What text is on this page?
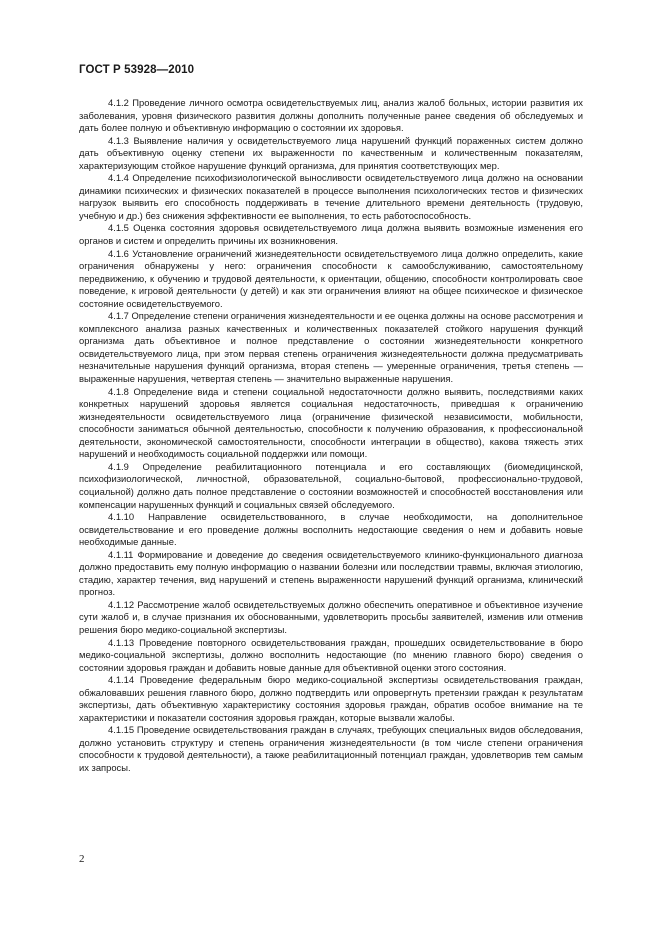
ГОСТ Р 53928—2010

4.1.2 Проведение личного осмотра освидетельствуемых лиц, анализ жалоб больных, истории развития их заболевания, уровня физического развития должны дополнить полученные ранее сведения об обследуемых и дать более полную и объективную информацию о состоянии их здоровья.

4.1.3 Выявление наличия у освидетельствуемого лица нарушений функций пораженных систем должно дать объективную оценку степени их выраженности по качественным и количественным показателям, характеризующим стойкое нарушение функций организма, для принятия соответствующих мер.

4.1.4 Определение психофизиологической выносливости освидетельствуемого лица должно на основании динамики психических и физических показателей в процессе выполнения психологических тестов и физических нагрузок выявить его способность поддерживать в течение длительного времени деятельность (трудовую, учебную и др.) без снижения эффективности ее выполнения, то есть работоспособность.

4.1.5 Оценка состояния здоровья освидетельствуемого лица должна выявить возможные изменения его органов и систем и определить причины их возникновения.

4.1.6 Установление ограничений жизнедеятельности освидетельствуемого лица должно определить, какие ограничения обнаружены у него: ограничения способности к самообслуживанию, самостоятельному передвижению, к обучению и трудовой деятельности, к ориентации, общению, способности контролировать свое поведение, к игровой деятельности (у детей) и как эти ограничения влияют на общее психическое и физическое состояние освидетельствуемого.

4.1.7 Определение степени ограничения жизнедеятельности и ее оценка должны на основе рассмотрения и комплексного анализа разных качественных и количественных показателей стойкого нарушения функций организма дать объективное и полное представление о состоянии жизнедеятельности конкретного освидетельствуемого лица, при этом первая степень ограничения жизнедеятельности должна предусматривать незначительные нарушения функций организма, вторая степень — умеренные ограничения, третья степень — выраженные нарушения, четвертая степень — значительно выраженные нарушения.

4.1.8 Определение вида и степени социальной недостаточности должно выявить, последствиями каких конкретных нарушений здоровья является социальная недостаточность, приведшая к ограничению жизнедеятельности освидетельствуемого лица (ограничение физической независимости, мобильности, способности заниматься обычной деятельностью, способности к получению образования, к профессиональной деятельности, экономической самостоятельности, способности интеграции в общество), какова тяжесть этих нарушений и необходимость социальной поддержки или помощи.

4.1.9 Определение реабилитационного потенциала и его составляющих (биомедицинской, психофизиологической, личностной, образовательной, социально-бытовой, профессионально-трудовой, социальной) должно дать полное представление о состоянии возможностей и способностей восстановления или компенсации нарушенных функций и социальных связей обследуемого.

4.1.10 Направление освидетельствованного, в случае необходимости, на дополнительное освидетельствование и его проведение должны восполнить недостающие сведения о нем и добавить новые необходимые данные.

4.1.11 Формирование и доведение до сведения освидетельствуемого клинико-функционального диагноза должно предоставить ему полную информацию о названии болезни или последствии травмы, включая этиологию, стадию, характер течения, вид нарушений и степень выраженности нарушений функций организма, клинический прогноз.

4.1.12 Рассмотрение жалоб освидетельствуемых должно обеспечить оперативное и объективное изучение сути жалоб и, в случае признания их обоснованными, удовлетворить просьбы заявителей, изменив или отменив решения бюро медико-социальной экспертизы.

4.1.13 Проведение повторного освидетельствования граждан, прошедших освидетельствование в бюро медико-социальной экспертизы, должно восполнить недостающие (по мнению главного бюро) сведения о состоянии здоровья граждан и добавить новые данные для объективной оценки этого состояния.

4.1.14 Проведение федеральным бюро медико-социальной экспертизы освидетельствования граждан, обжаловавших решения главного бюро, должно подтвердить или опровергнуть претензии граждан к результатам экспертизы, дать объективную характеристику состояния здоровья граждан, обратив особое внимание на те характеристики и показатели состояния здоровья граждан, которые вызвали жалобы.

4.1.15 Проведение освидетельствования граждан в случаях, требующих специальных видов обследования, должно установить структуру и степень ограничения жизнедеятельности (в том числе степени ограничения способности к трудовой деятельности), а также реабилитационный потенциал граждан, удовлетворив тем самым их запросы.

2
